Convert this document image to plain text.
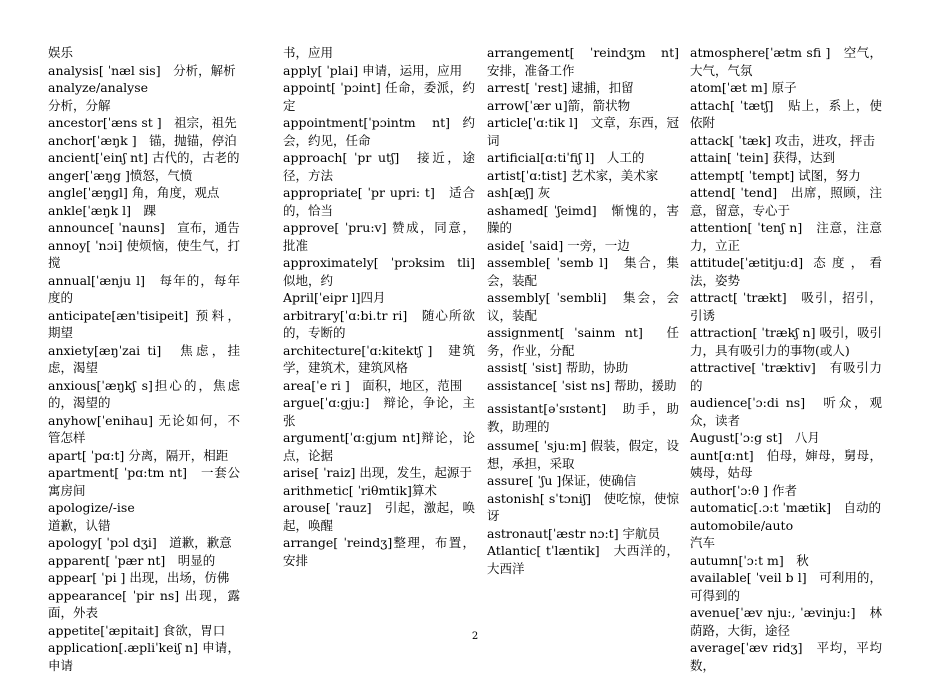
娱乐

analysis[ ˈnæl sis]　分析，解析

analyze/analyse

分析，分解

ancestor[ˈæns st ]　祖宗，祖先

anchor[ˈæŋk ]　锚，抛锚，停泊

ancient[ˈeinʃ nt] 古代的，古老的

anger[ˈæŋg ]愤怒，气愤

angle[ˈæŋgl] 角，角度，观点

ankle[ˈæŋk l]　踝

announce[ ˈnauns]　宣布，通告

annoy[ ˈnɔi] 使烦恼，使生气，打搅

annual[ˈænju l]　每年的，每年度的

anticipate[æn'tisipeit] 预料，期望

anxiety[æŋˈzai ti]　焦虑，挂虑，渴望

anxious[ˈæŋkʃ s]担心的，焦虑的，渴望的

anyhow[ˈenihau] 无论如何，不管怎样

apart[ ˈpɑ:t] 分离，隔开，相距

apartment[ ˈpɑ:tm nt]　一套公寓房间

apologize/-ise

道歉，认错

apology[ ˈpɔl dʒi]　道歉，歉意

apparent[ ˈpær nt]　明显的

appear[ ˈpi ] 出现，出场，仿佛

appearance[ ˈpir ns] 出现，露面，外表

appetite[ˈæpitait] 食欲，胃口

application[.æpliˈkeiʃ n] 申请，申请

书，应用

apply[ ˈplai] 申请，运用，应用

appoint[ ˈpɔint] 任命，委派，约定

appointment[ˈpɔintm nt]约会，约见，任命

approach[ ˈpr utʃ]　接近，途径，方法

appropriate[ ˈpr upri: t]　适合的，恰当

approve[ ˈpru:v] 赞成，同意，批准

approximately[ ˈprɔksim tli] 似地，约

April[ˈeipr l]四月

arbitrary[ˈɑ:bi.tr ri]　随心所欲的，专断的

architecture[ˈɑ:kitektʃ ]　建筑学，建筑术，建筑风格

area[ˈe ri ]　面积，地区，范围

argue[ˈɑ:gju:]　辩论，争论，主张

argument[ˈɑ:gjum nt]辩论，论点，论据

arise[ ˈraiz] 出现，发生，起源于

arithmetic[ ˈriθmtik]算术

arouse[ ˈrauz]　引起，激起，唤起，唤醒

arrange[ ˈreindʒ]整理，布置，安排

arrangement[ ˈreindʒm nt]　安排，准备工作

arrest[ ˈrest] 逮捕，扣留

arrow[ˈær u]箭，箭状物

article[ˈɑ:tik l]　文章，东西，冠词

artificial[ɑ:tiˈfiʃ l]　人工的

artist[ˈɑ:tist] 艺术家，美术家

ash[æʃ] 灰

ashamed[ ˈʃeimd]　惭愧的，害臊的

aside[ ˈsaid] 一旁，一边

assemble[ ˈsemb l]　集合，集会，装配

assembly[ ˈsembli]　集会，会议，装配

assignment[ ˈsainm nt]　任务，作业，分配

assist[ ˈsist] 帮助，协助

assistance[ ˈsist ns] 帮助，援助

assistant[əˈsɪstənt]　助手，助教，助理的

assume[ ˈsju:m] 假装，假定，设想，承担，采取

assure[ ˈʃu ]保证，使确信

astonish[ sˈtɔniʃ]　使吃惊，使惊讶

astronaut[ˈæstr nɔ:t] 宇航员

Atlantic[ tˈlæntik]　大西洋的，大西洋

atmosphere[ˈætm sfi ]　空气，大气，气氛

atom[ˈæt m] 原子

attach[ ˈtætʃ]　贴上，系上，使依附

attack[ ˈtæk] 攻击，进攻，抨击

attain[ ˈtein] 获得，达到

attempt[ ˈtempt] 试图，努力

attend[ ˈtend]　出席，照顾，注意，留意，专心于

attention[ ˈtenʃ n]　注意，注意力，立正

attitude[ˈætitju:d] 态度，看法，姿势

attract[ ˈtrækt]　吸引，招引，引诱

attraction[ ˈtrækʃ n] 吸引，吸引力，具有吸引力的事物(或人)

attractive[ ˈtræktiv]　有吸引力的

audience[ˈɔ:di ns]　听众，观众，读者

August[ˈɔ:g st]　八月

aunt[ɑ:nt]　伯母，婶母，舅母，姨母，姑母

author[ˈɔ:θ ] 作者

automatic[.ɔ:t ˈmætik]　自动的

automobile/auto

汽车

autumn[ˈɔ:t m]　秋

available[ ˈveil b l]　可利用的，可得到的

avenue[ˈæv nju:, ˈævinju:]　林荫路，大街，途径

average[ˈæv ridʒ]　平均，平均数，

2
